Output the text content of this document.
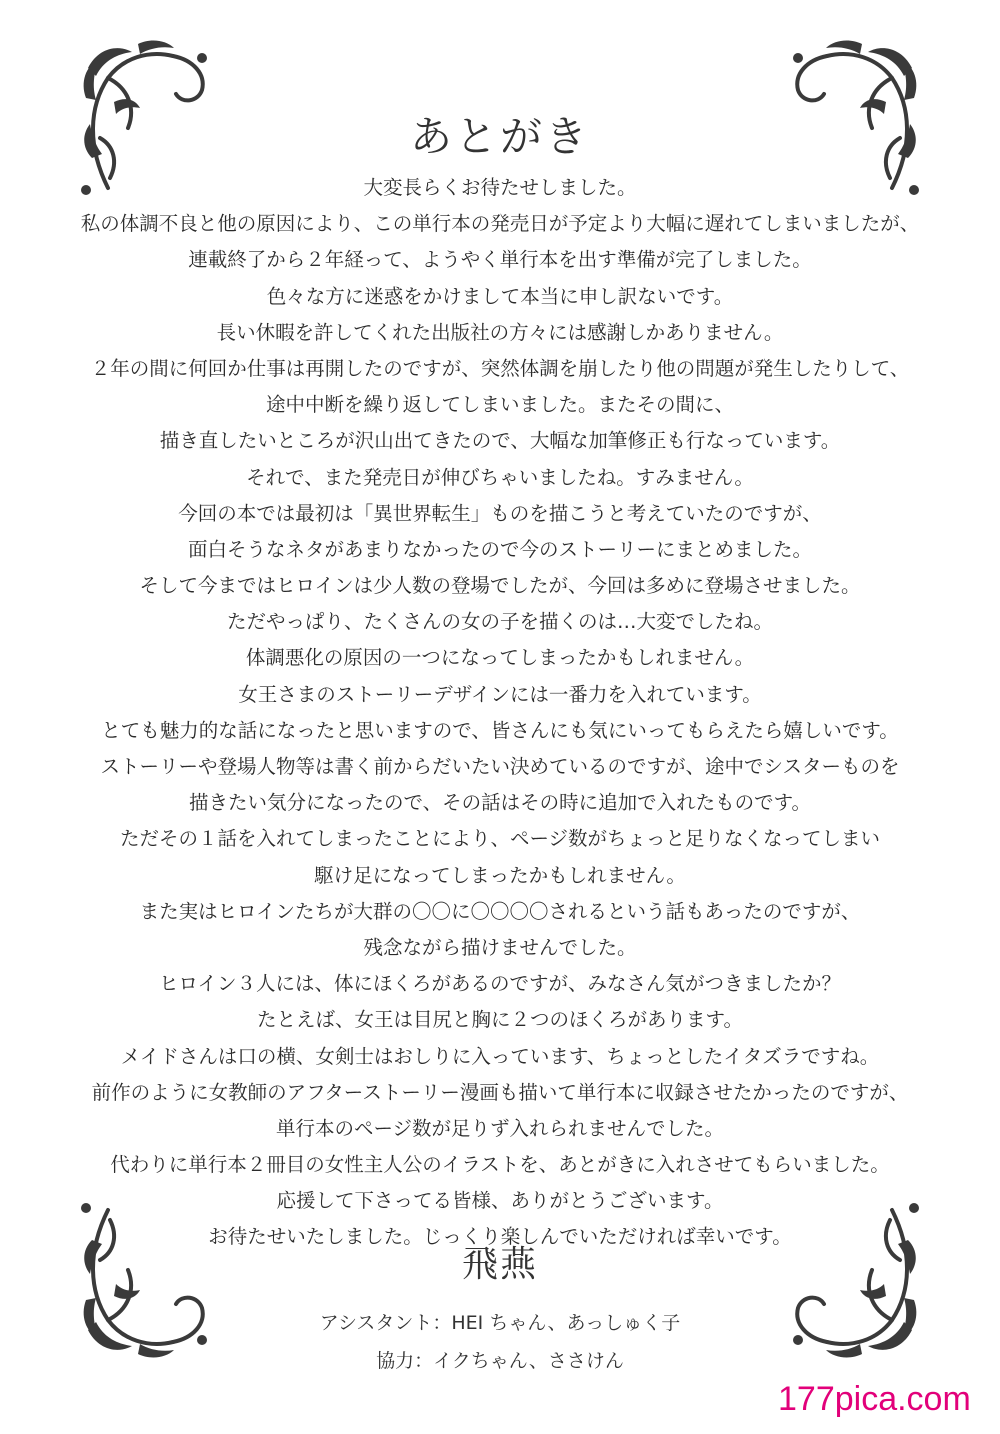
あとがき
大変長らくお待たせしました。
私の体調不良と他の原因により、この単行本の発売日が予定より大幅に遅れてしまいましたが、
連載終了から２年経って、ようやく単行本を出す準備が完了しました。
色々な方に迷惑をかけまして本当に申し訳ないです。
長い休暇を許してくれた出版社の方々には感謝しかありません。
２年の間に何回か仕事は再開したのですが、突然体調を崩したり他の問題が発生したりして、
途中中断を繰り返してしまいました。またその間に、
描き直したいところが沢山出てきたので、大幅な加筆修正も行なっています。
それで、また発売日が伸びちゃいましたね。すみません。
今回の本では最初は「異世界転生」ものを描こうと考えていたのですが、
面白そうなネタがあまりなかったので今のストーリーにまとめました。
そして今まではヒロインは少人数の登場でしたが、今回は多めに登場させました。
ただやっぱり、たくさんの女の子を描くのは…大変でしたね。
体調悪化の原因の一つになってしまったかもしれません。
女王さまのストーリーデザインには一番力を入れています。
とても魅力的な話になったと思いますので、皆さんにも気にいってもらえたら嬉しいです。
ストーリーや登場人物等は書く前からだいたい決めているのですが、途中でシスターものを
描きたい気分になったので、その話はその時に追加で入れたものです。
ただその１話を入れてしまったことにより、ページ数がちょっと足りなくなってしまい
駆け足になってしまったかもしれません。
また実はヒロインたちが大群の〇〇に〇〇〇〇されるという話もあったのですが、
残念ながら描けませんでした。
ヒロイン３人には、体にほくろがあるのですが、みなさん気がつきましたか？
たとえば、女王は目尻と胸に２つのほくろがあります。
メイドさんは口の横、女剣士はおしりに入っています、ちょっとしたイタズラですね。
前作のように女教師のアフターストーリー漫画も描いて単行本に収録させたかったのですが、
単行本のページ数が足りず入れられませんでした。
代わりに単行本２冊目の女性主人公のイラストを、あとがきに入れさせてもらいました。
応援して下さってる皆様、ありがとうございます。
お待たせいたしました。じっくり楽しんでいただければ幸いです。
飛燕
アシスタント：HEI ちゃん、あっしゅく子
協力：イクちゃん、ささけん
177pica.com
